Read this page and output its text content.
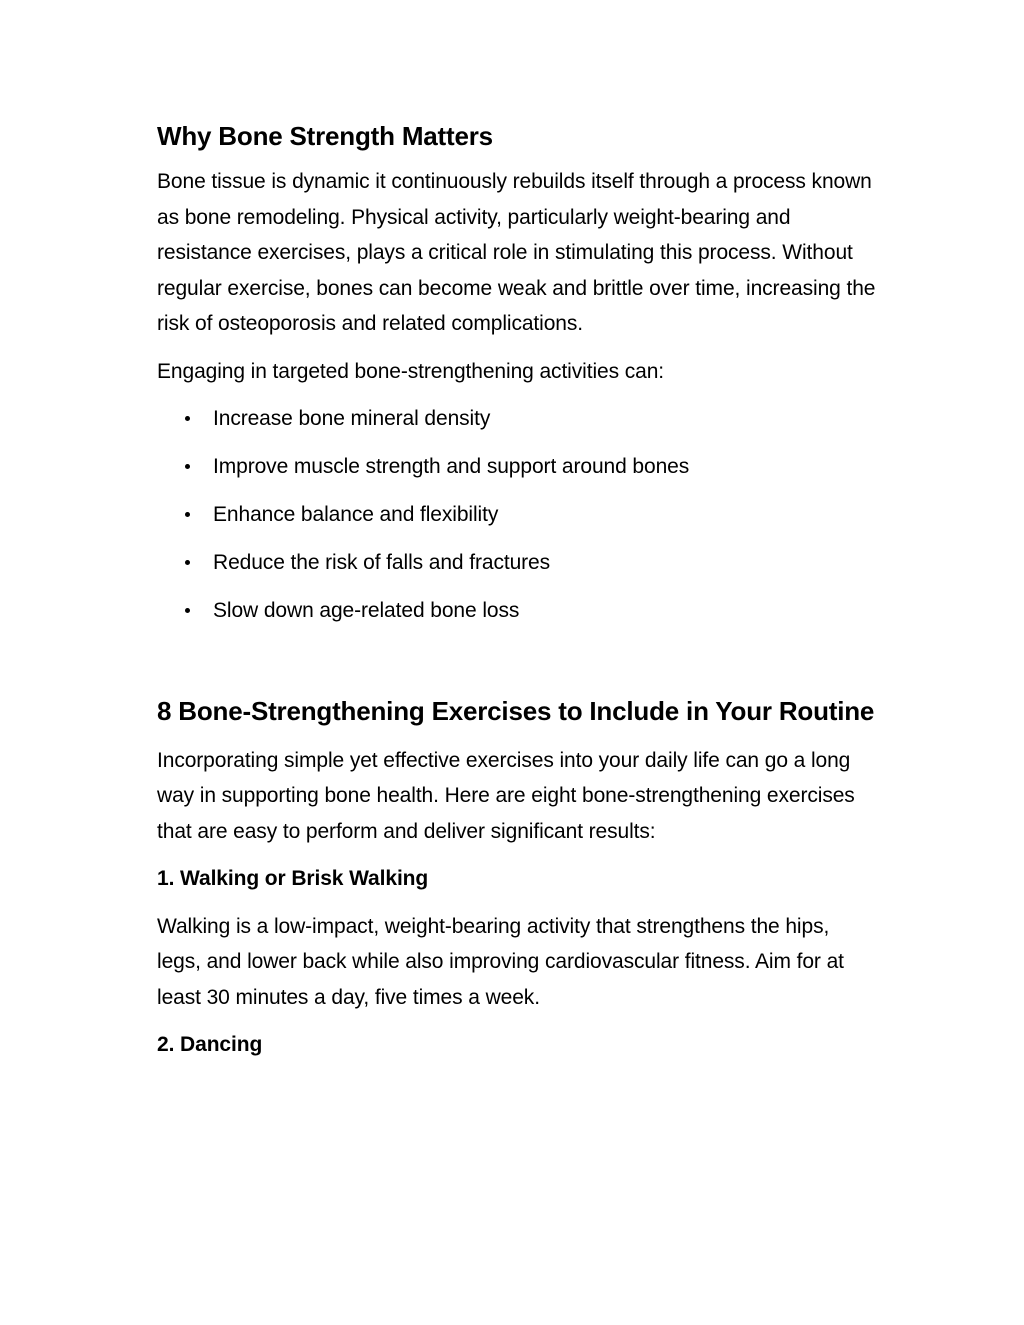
Why Bone Strength Matters

Bone tissue is dynamic it continuously rebuilds itself through a process known as bone remodeling. Physical activity, particularly weight-bearing and resistance exercises, plays a critical role in stimulating this process. Without regular exercise, bones can become weak and brittle over time, increasing the risk of osteoporosis and related complications.

Engaging in targeted bone-strengthening activities can:

Increase bone mineral density
Improve muscle strength and support around bones
Enhance balance and flexibility
Reduce the risk of falls and fractures
Slow down age-related bone loss
8 Bone-Strengthening Exercises to Include in Your Routine

Incorporating simple yet effective exercises into your daily life can go a long way in supporting bone health. Here are eight bone-strengthening exercises that are easy to perform and deliver significant results:

1. Walking or Brisk Walking

Walking is a low-impact, weight-bearing activity that strengthens the hips, legs, and lower back while also improving cardiovascular fitness. Aim for at least 30 minutes a day, five times a week.

2. Dancing
